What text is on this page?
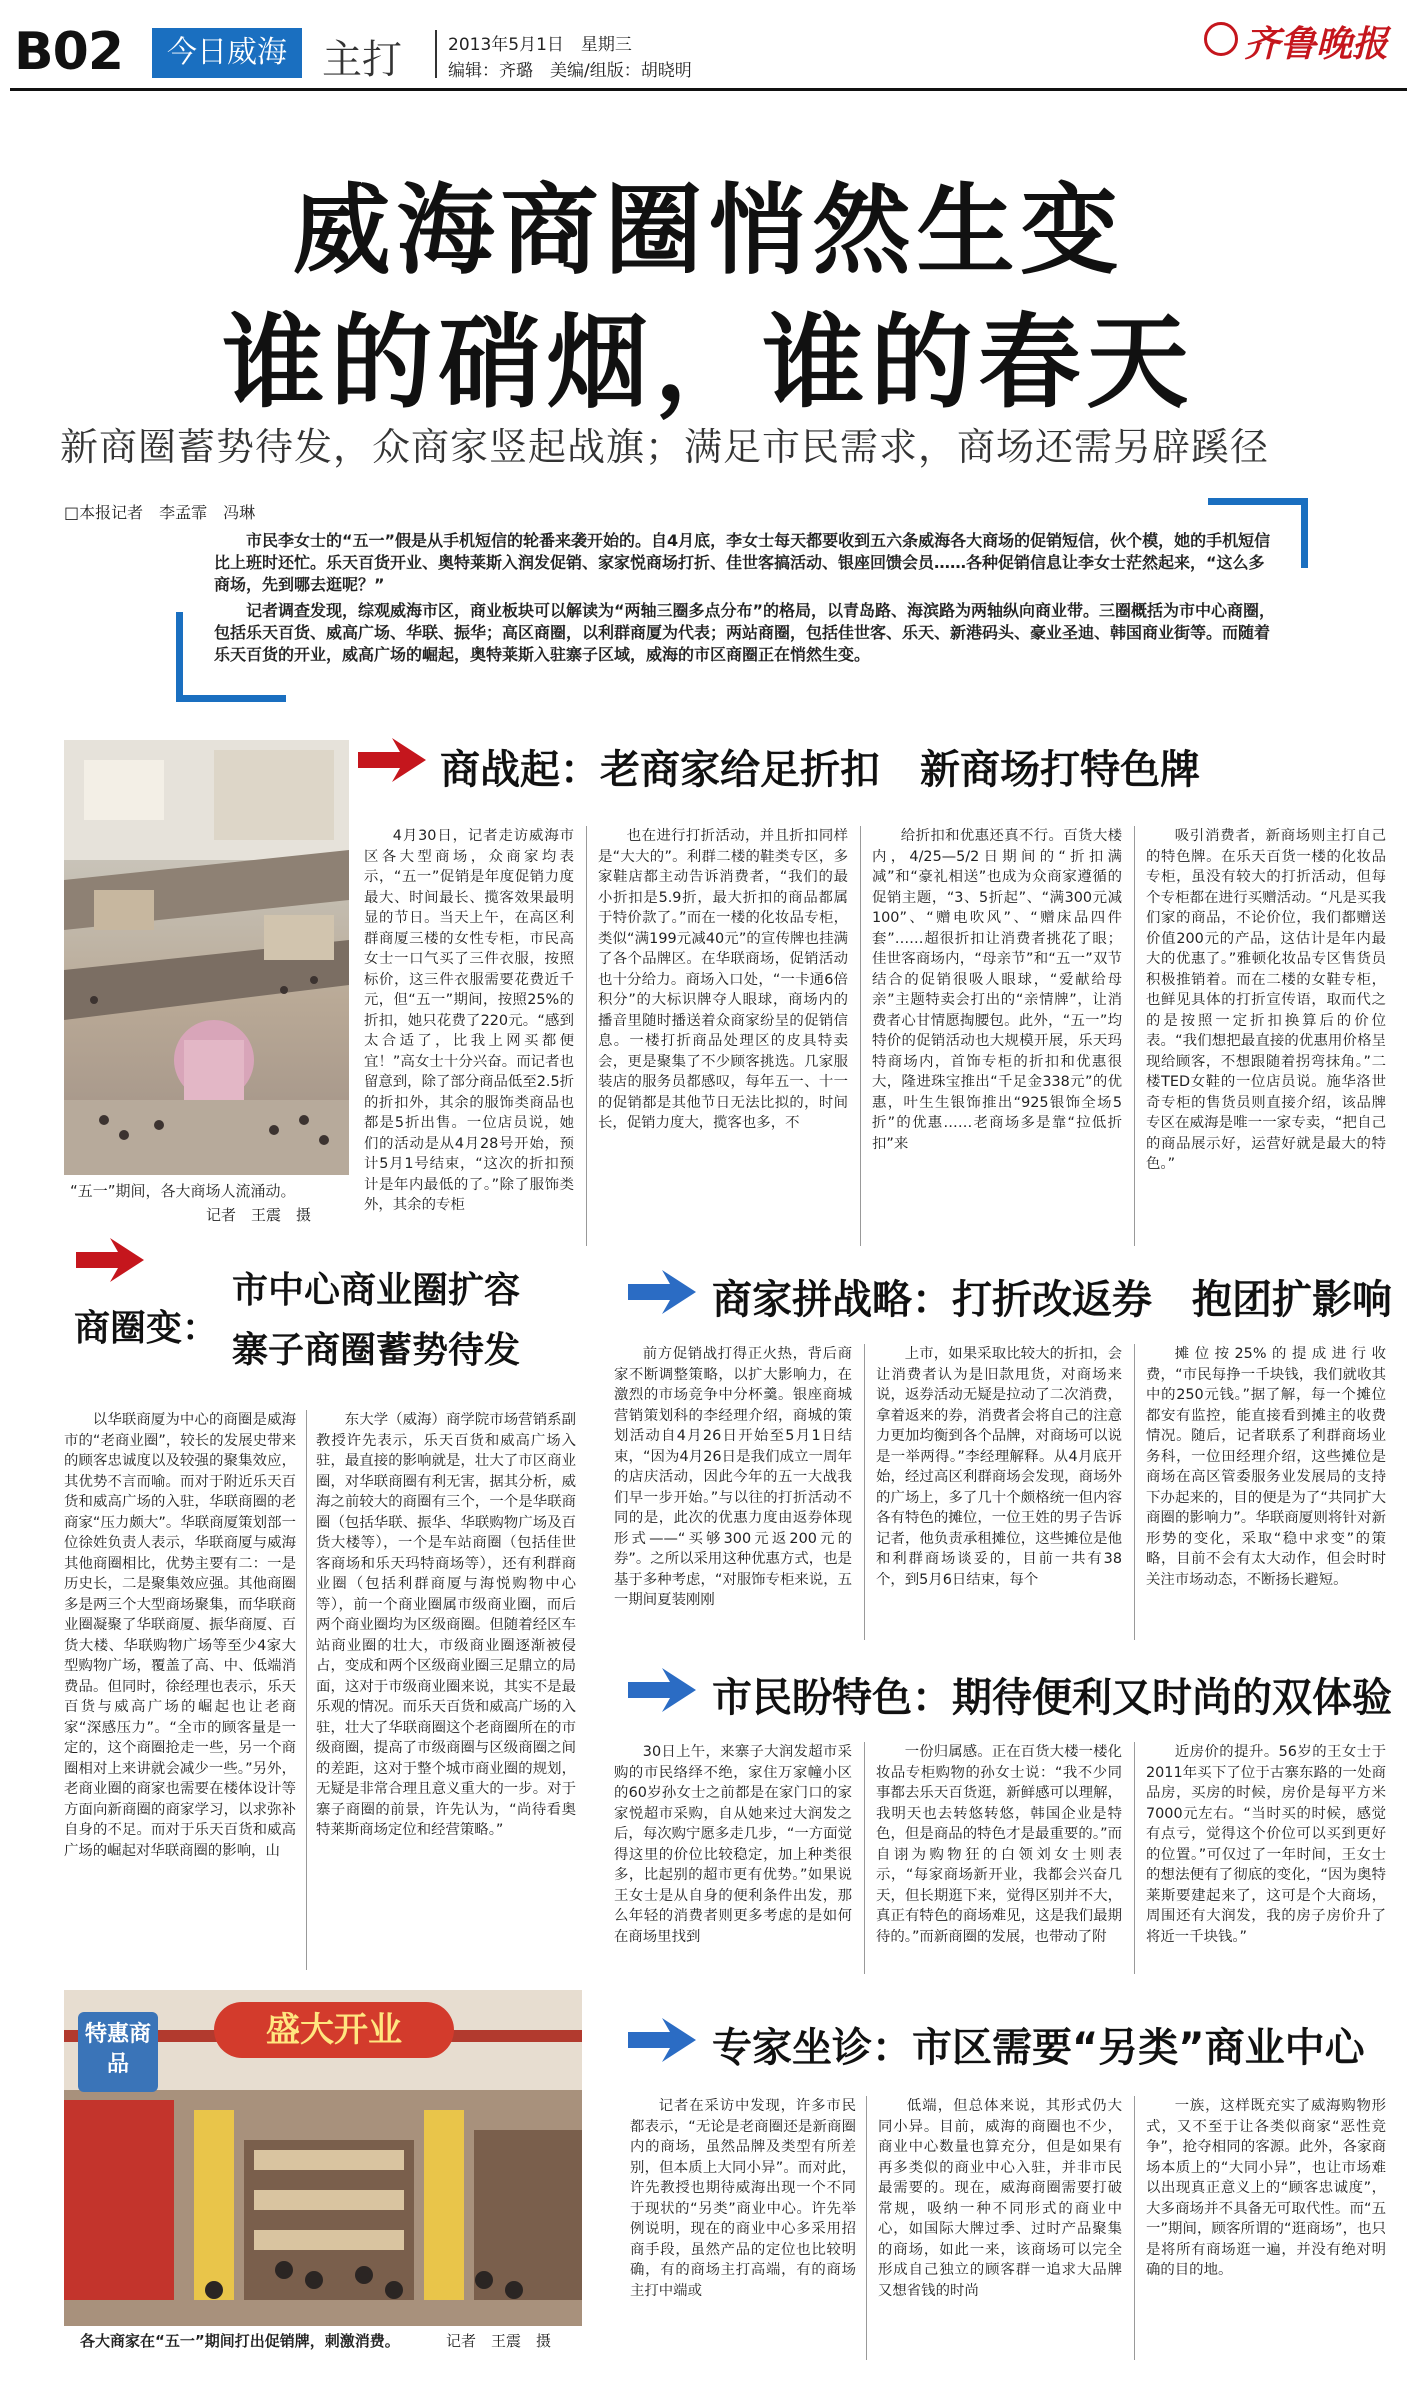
B02	今日威海 主打	2013年5月1日　星期三
编辑：齐璐　美编/组版：胡晓明
齐鲁晚报
威海商圈悄然生变
谁的硝烟，谁的春天
新商圈蓄势待发，众商家竖起战旗；满足市民需求，商场还需另辟蹊径
□本报记者　李孟霏　冯琳
市民李女士的“五一”假是从手机短信的轮番来袭开始的。自4月底，李女士每天都要收到五六条威海各大商场的促销短信，伙个模，她的手机短信比上班时还忙。乐天百货开业、奥特莱斯入润发促销、家家悦商场打折、佳世客搞活动、银座回馈会员……各种促销信息让李女士茫然起来，“这么多商场，先到哪去逛呢？”
记者调查发现，综观威海市区，商业板块可以解读为“两轴三圈多点分布”的格局，以青岛路、海滨路为两轴纵向商业带。三圈概括为市中心商圈，包括乐天百货、威高广场、华联、振华；高区商圈，以利群商厦为代表；两站商圈，包括佳世客、乐天、新港码头、豪业圣迪、韩国商业街等。而随着乐天百货的开业，威高广场的崛起，奥特莱斯入驻寨子区域，威海的市区商圈正在悄然生变。
“五一”期间，各大商场人流涌动。
记者　王震　摄
商战起：老商家给足折扣　新商场打特色牌

4月30日，记者走访威海市区各大型商场，众商家均表示，“五一”促销是年度促销力度最大、时间最长、揽客效果最明显的节日。当天上午，在高区利群商厦三楼的女性专柜，市民高女士一口气买了三件衣服，按照标价，这三件衣服需要花费近千元，但“五一”期间，按照25%的折扣，她只花费了220元。“感到太合适了，比我上网买都便宜！”高女士十分兴奋。而记者也留意到，除了部分商品低至2.5折的折扣外，其余的服饰类商品也都是5折出售。一位店员说，她们的活动是从4月28号开始，预计5月1号结束，“这次的折扣预计是年内最低的了。”除了服饰类外，其余的专柜

也在进行打折活动，并且折扣同样是“大大的”。利群二楼的鞋类专区，多家鞋店都主动告诉消费者，“我们的最小折扣是5.9折，最大折扣的商品都属于特价款了。”而在一楼的化妆品专柜，类似“满199元减40元”的宣传牌也挂满了各个品牌区。在华联商场，促销活动也十分给力。商场入口处，“一卡通6倍积分”的大标识牌夺人眼球，商场内的播音里随时播送着众商家纷呈的促销信息。一楼打折商品处理区的皮具特卖会，更是聚集了不少顾客挑选。几家服装店的服务员都感叹，每年五一、十一的促销都是其他节日无法比拟的，时间长，促销力度大，揽客也多，不

给折扣和优惠还真不行。百货大楼内，4/25—5/2日期间的“折扣满减”和“豪礼相送”也成为众商家遵循的促销主题，“3、5折起”、“满300元减100”、“赠电吹风”、“赠床品四件套”……超很折扣让消费者挑花了眼；佳世客商场内，“母亲节”和“五一”双节结合的促销很吸人眼球，“爱献给母亲”主题特卖会打出的“亲情牌”，让消费者心甘情愿掏腰包。此外，“五一”均特价的促销活动也大规模开展，乐天玛特商场内，首饰专柜的折扣和优惠很大，隆进珠宝推出“千足金338元”的优惠，叶生生银饰推出“925银饰全场5折”的优惠……老商场多是靠“拉低折扣”来

吸引消费者，新商场则主打自己的特色牌。在乐天百货一楼的化妆品专柜，虽没有较大的打折活动，但每个专柜都在进行买赠活动。“凡是买我们家的商品，不论价位，我们都赠送价值200元的产品，这估计是年内最大的优惠了。”雅顿化妆品专区售货员积极推销着。而在二楼的女鞋专柜，也鲜见具体的打折宣传语，取而代之的是按照一定折扣换算后的价位表。“我们想把最直接的优惠用价格呈现给顾客，不想跟随着拐弯抹角。”二楼TED女鞋的一位店员说。施华洛世奇专柜的售货员则直接介绍，该品牌专区在威海是唯一一家专卖，“把自己的商品展示好，运营好就是最大的特色。”

商圈变：
市中心商业圈扩容
寨子商圈蓄势待发

以华联商厦为中心的商圈是威海市的“老商业圈”，较长的发展史带来的顾客忠诚度以及较强的聚集效应，其优势不言而喻。而对于附近乐天百货和威高广场的入驻，华联商圈的老商家“压力颇大”。华联商厦策划部一位徐姓负责人表示，华联商厦与威海其他商圈相比，优势主要有二：一是历史长，二是聚集效应强。其他商圈多是两三个大型商场聚集，而华联商业圈凝聚了华联商厦、振华商厦、百货大楼、华联购物广场等至少4家大型购物广场，覆盖了高、中、低端消费品。但同时，徐经理也表示，乐天百货与威高广场的崛起也让老商家“深感压力”。“全市的顾客量是一定的，这个商圈抢走一些，另一个商圈相对上来讲就会减少一些。”另外，老商业圈的商家也需要在楼体设计等方面向新商圈的商家学习，以求弥补自身的不足。而对于乐天百货和威高广场的崛起对华联商圈的影响，山

东大学（威海）商学院市场营销系副教授许先表示，乐天百货和威高广场入驻，最直接的影响就是，壮大了市区商业圈，对华联商圈有利无害，据其分析，威海之前较大的商圈有三个，一个是华联商圈（包括华联、振华、华联购物广场及百货大楼等），一个是车站商圈（包括佳世客商场和乐天玛特商场等），还有利群商业圈（包括利群商厦与海悦购物中心等），前一个商业圈属市级商业圈，而后两个商业圈均为区级商圈。但随着经区车站商业圈的壮大，市级商业圈逐渐被侵占，变成和两个区级商业圈三足鼎立的局面，这对于市级商业圈来说，其实不是最乐观的情况。而乐天百货和威高广场的入驻，壮大了华联商圈这个老商圈所在的市级商圈，提高了市级商圈与区级商圈之间的差距，这对于整个城市商业圈的规划，无疑是非常合理且意义重大的一步。对于寨子商圈的前景，许先认为，“尚待看奥特莱斯商场定位和经营策略。”

商家拼战略：打折改返券　抱团扩影响

前方促销战打得正火热，背后商家不断调整策略，以扩大影响力，在激烈的市场竞争中分杯羹。银座商城营销策划科的李经理介绍，商城的策划活动自4月26日开始至5月1日结束，“因为4月26日是我们成立一周年的店庆活动，因此今年的五一大战我们早一步开始。”与以往的打折活动不同的是，此次的优惠力度由返券体现形式——“买够300元返200元的券”。之所以采用这种优惠方式，也是基于多种考虑，“对服饰专柜来说，五一期间夏装刚刚

上市，如果采取比较大的折扣，会让消费者认为是旧款甩货，对商场来说，返券活动无疑是拉动了二次消费，拿着返来的券，消费者会将自己的注意力更加均衡到各个品牌，对商场可以说是一举两得。”李经理解释。从4月底开始，经过高区利群商场会发现，商场外的广场上，多了几十个颇格统一但内容各有特色的摊位，一位王姓的男子告诉记者，他负责承租摊位，这些摊位是他和利群商场谈妥的，目前一共有38个，到5月6日结束，每个

摊位按25%的提成进行收费，“市民每挣一千块钱，我们就收其中的250元钱。”据了解，每一个摊位都安有监控，能直接看到摊主的收费情况。随后，记者联系了利群商场业务科，一位田经理介绍，这些摊位是商场在高区管委服务业发展局的支持下办起来的，目的便是为了“共同扩大商圈的影响力”。华联商厦则将针对新形势的变化，采取“稳中求变”的策略，目前不会有太大动作，但会时时关注市场动态，不断扬长避短。

市民盼特色：期待便利又时尚的双体验

30日上午，来寨子大润发超市采购的市民络绎不绝，家住万家幢小区的60岁孙女士之前都是在家门口的家家悦超市采购，自从她来过大润发之后，每次购宁愿多走几步，“一方面觉得这里的价位比较稳定，加上种类很多，比起别的超市更有优势。”如果说王女士是从自身的便利条件出发，那么年轻的消费者则更多考虑的是如何在商场里找到

一份归属感。正在百货大楼一楼化妆品专柜购物的孙女士说：“我不少同事都去乐天百货逛，新鲜感可以理解，我明天也去转悠转悠，韩国企业是特色，但是商品的特色才是最重要的。”而自诩为购物狂的白领刘女士则表示，“每家商场新开业，我都会兴奋几天，但长期逛下来，觉得区别并不大，真正有特色的商场难见，这是我们最期待的。”而新商圈的发展，也带动了附

近房价的提升。56岁的王女士于2011年买下了位于古寨东路的一处商品房，买房的时候，房价是每平方米7000元左右。“当时买的时候，感觉有点亏，觉得这个价位可以买到更好的位置。”可仅过了一年时间，王女士的想法便有了彻底的变化，“因为奥特莱斯要建起来了，这可是个大商场，周围还有大润发，我的房子房价升了将近一千块钱。”

特惠商品
盛大开业
各大商家在“五一”期间打出促销牌，刺激消费。	记者　王震　摄
专家坐诊：市区需要“另类”商业中心

记者在采访中发现，许多市民都表示，“无论是老商圈还是新商圈内的商场，虽然品牌及类型有所差别，但本质上大同小异”。而对此，许先教授也期待威海出现一个不同于现状的“另类”商业中心。许先举例说明，现在的商业中心多采用招商手段，虽然产品的定位也比较明确，有的商场主打高端，有的商场主打中端或

低端，但总体来说，其形式仍大同小异。目前，威海的商圈也不少，商业中心数量也算充分，但是如果有再多类似的商业中心入驻，并非市民最需要的。现在，威海商圈需要打破常规，吸纳一种不同形式的商业中心，如国际大牌过季、过时产品聚集的商场，如此一来，该商场可以完全形成自己独立的顾客群一追求大品牌又想省钱的时尚

一族，这样既充实了威海购物形式，又不至于让各类似商家“恶性竞争”，抢夺相同的客源。此外，各家商场本质上的“大同小异”，也让市场难以出现真正意义上的“顾客忠诚度”，大多商场并不具备无可取代性。而“五一”期间，顾客所谓的“逛商场”，也只是将所有商场逛一遍，并没有绝对明确的目的地。
